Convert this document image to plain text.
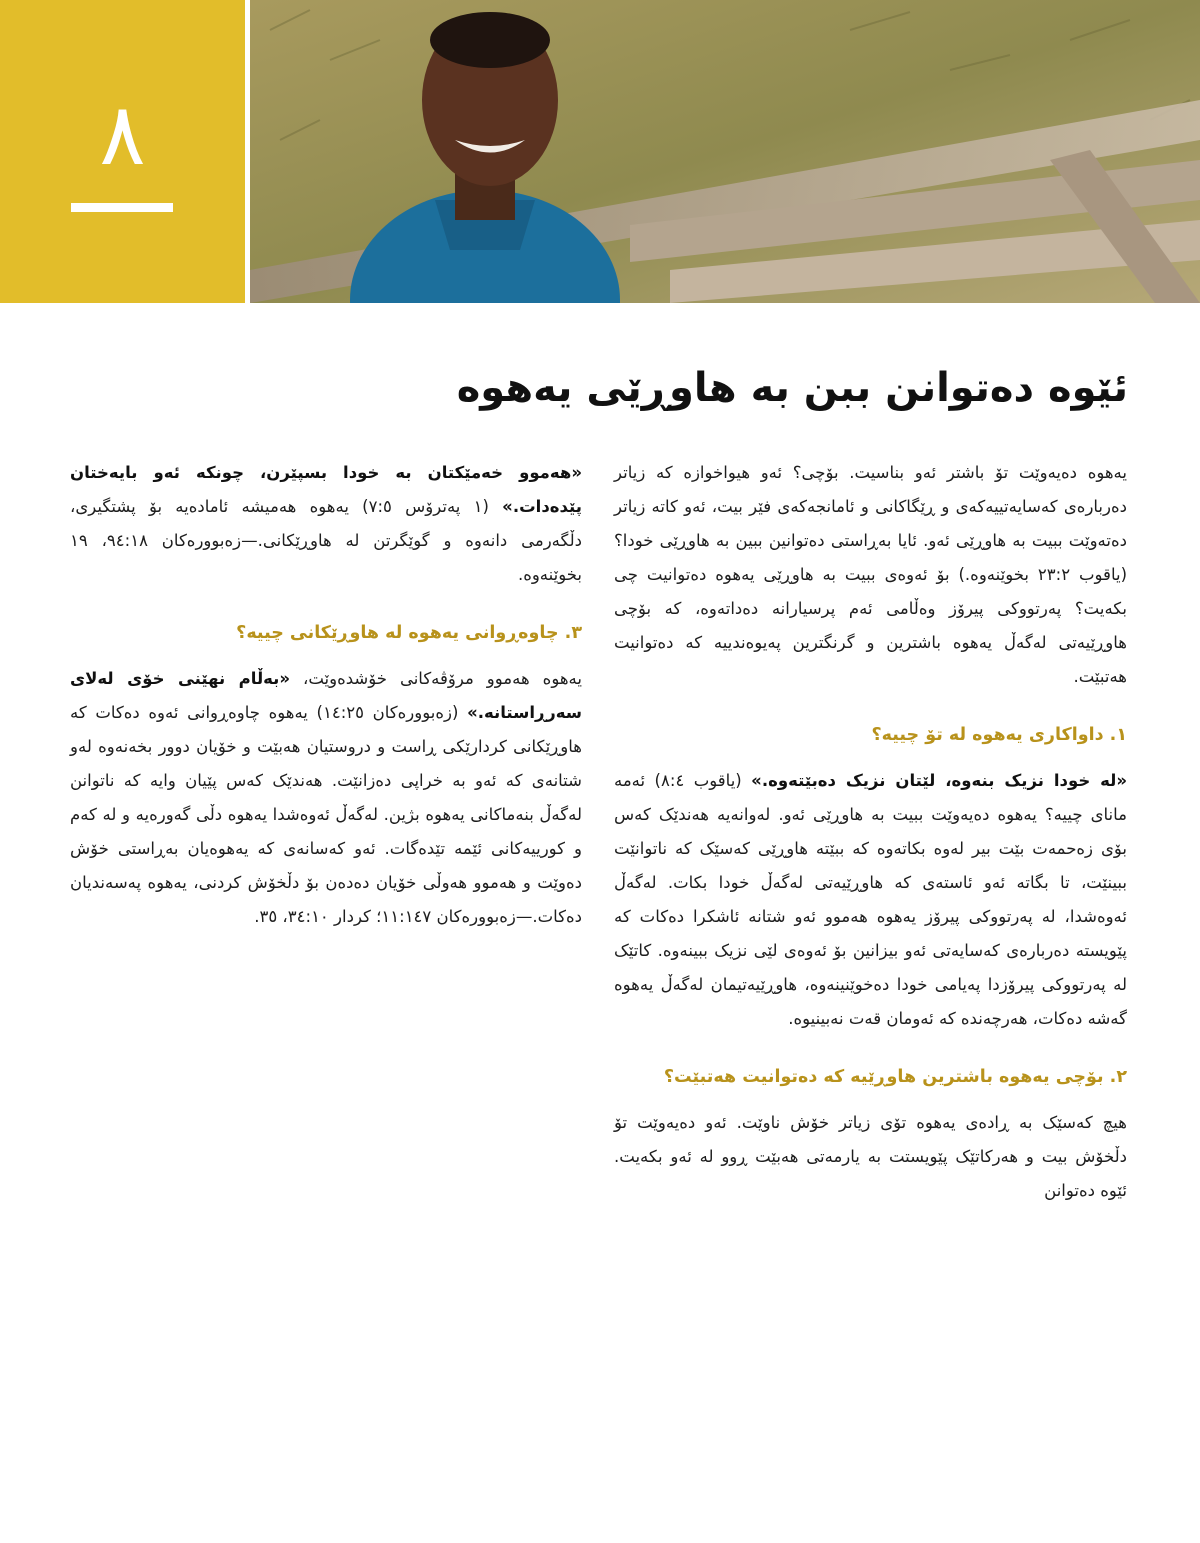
٨
ئێوە دەتوانن ببن بە هاوڕێی یەهوە

یەهوە دەیەوێت تۆ باشتر ئەو بناسیت. بۆچی؟ ئەو هیواخوازە کە زیاتر دەربارەی کەسایەتییەکەی و ڕێگاکانی و ئامانجەکەی فێر بیت، ئەو کاتە زیاتر دەتەوێت ببیت بە هاوڕێی ئەو. ئایا بەڕاستی دەتوانین ببین بە هاوڕێی خودا؟ (یاقوب ٢:‏٢٣ بخوێنەوە.) بۆ ئەوەی ببیت بە هاوڕێی یەهوە دەتوانیت چی بکەیت؟ پەرتووکی پیرۆز وەڵامی ئەم پرسیارانە دەداتەوە، کە بۆچی هاوڕێیەتی لەگەڵ یەهوە باشترین و گرنگترین پەیوەندییە کە دەتوانیت هەتبێت.

١. داواکاری یەهوە لە تۆ چییە؟

«لە خودا نزیک بنەوە، لێتان نزیک دەبێتەوە.» (یاقوب ٤:‏٨) ئەمە مانای چییە؟ یەهوە دەیەوێت ببیت بە هاوڕێی ئەو. لەوانەیە هەندێک کەس بۆی زەحمەت بێت بیر لەوە بکاتەوە کە ببێتە هاوڕێی کەسێک کە ناتوانێت ببینێت، تا بگاتە ئەو ئاستەی کە هاوڕێیەتی لەگەڵ خودا بکات. لەگەڵ ئەوەشدا، لە پەرتووکی پیرۆز یەهوە هەموو ئەو شتانە ئاشکرا دەکات کە پێویستە دەربارەی کەسایەتی ئەو بیزانین بۆ ئەوەی لێی نزیک ببینەوە. کاتێک لە پەرتووکی پیرۆزدا پەیامی خودا دەخوێنینەوە، هاوڕێیەتیمان لەگەڵ یەهوە گەشە دەکات، هەرچەندە کە ئەومان قەت نەبینیوە.

٢. بۆچی یەهوە باشترین هاوڕێیە کە دەتوانیت هەتبێت؟

هیچ کەسێک بە ڕادەی یەهوە تۆی زیاتر خۆش ناوێت. ئەو دەیەوێت تۆ دڵخۆش بیت و هەرکاتێک پێویستت بە یارمەتی هەبێت ڕوو لە ئەو بکەیت. ئێوە دەتوانن

«هەموو خەمێکتان بە خودا بسپێرن، چونکە ئەو بایەختان پێدەدات.» (١ پەترۆس ٥:‏٧) یەهوە هەمیشە ئامادەیە بۆ پشتگیری، دڵگەرمی دانەوە و گوێگرتن لە هاوڕێکانی.—زەبوورەکان ١٨:‏٩٤، ١٩ بخوێنەوە.

٣. چاوەڕوانی یەهوە لە هاوڕێکانی چییە؟

یەهوە هەموو مرۆڤەکانی خۆشدەوێت، «بەڵام نهێنی خۆی لەلای سەرڕاستانە.» (زەبوورەکان ٢٥:‏١٤) یەهوە چاوەڕوانی ئەوە دەکات کە هاوڕێکانی کردارێکی ڕاست و دروستیان هەبێت و خۆیان دوور بخەنەوە لەو شتانەی کە ئەو بە خراپی دەزانێت. هەندێک کەس پێیان وایە کە ناتوانن لەگەڵ بنەماکانی یەهوە بژین. لەگەڵ ئەوەشدا یەهوە دڵی گەورەیە و لە کەم و کورییەکانی ئێمە تێدەگات. ئەو کەسانەی کە یەهوەیان بەڕاستی خۆش دەوێت و هەموو هەوڵی خۆیان دەدەن بۆ دڵخۆش کردنی، یەهوە پەسەندیان دەکات.—زەبوورەکان ١٤٧:‏١١؛ کردار ١٠:‏٣٤، ٣٥.
